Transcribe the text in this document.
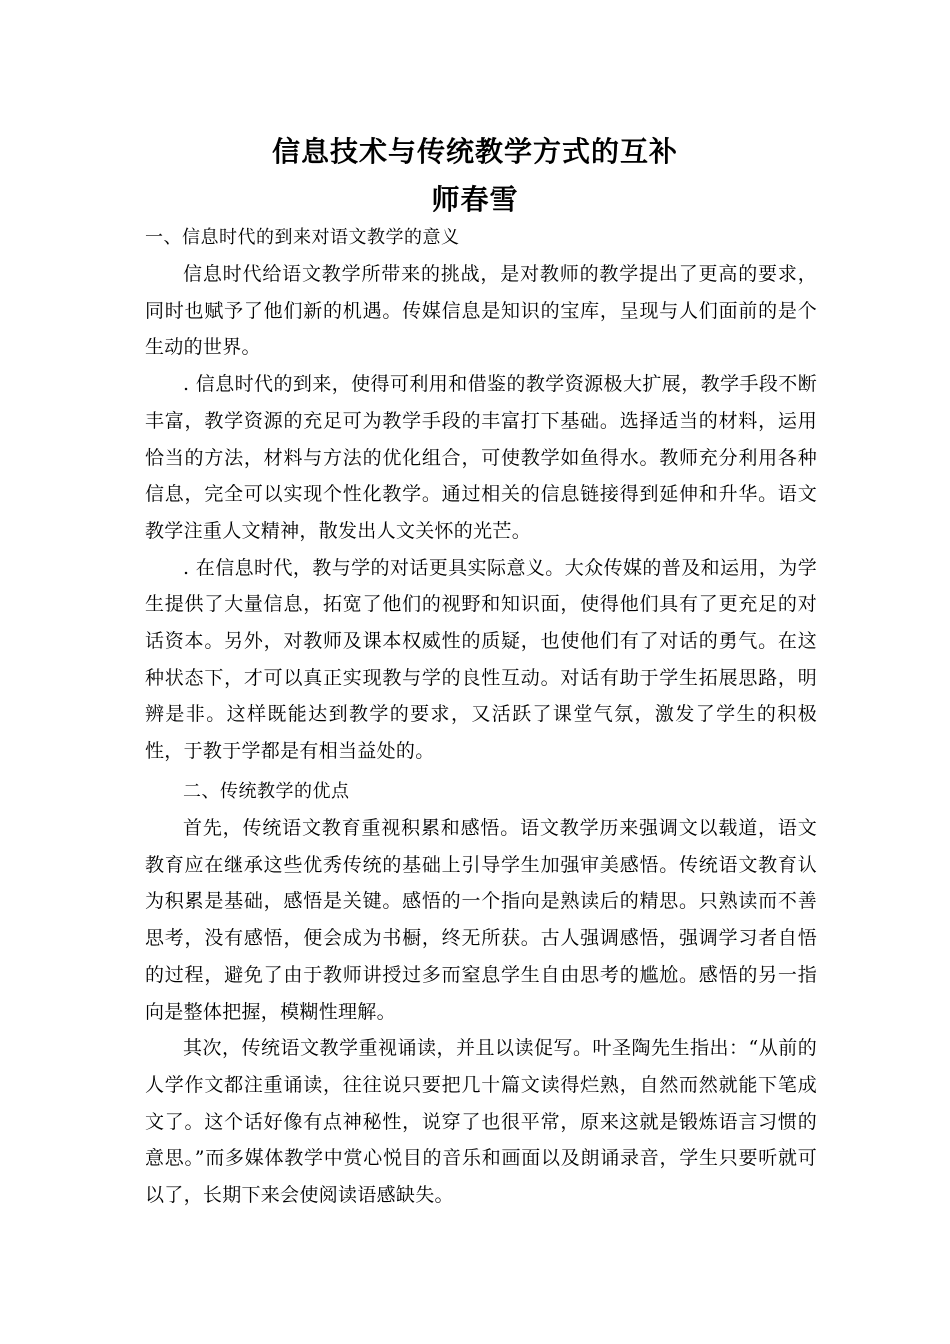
信息技术与传统教学方式的互补
师春雪
一、信息时代的到来对语文教学的意义

信息时代给语文教学所带来的挑战，是对教师的教学提出了更高的要求，同时也赋予了他们新的机遇。传媒信息是知识的宝库，呈现与人们面前的是个生动的世界。

. 信息时代的到来，使得可利用和借鉴的教学资源极大扩展，教学手段不断丰富，教学资源的充足可为教学手段的丰富打下基础。选择适当的材料，运用恰当的方法，材料与方法的优化组合，可使教学如鱼得水。教师充分利用各种信息，完全可以实现个性化教学。通过相关的信息链接得到延伸和升华。语文教学注重人文精神，散发出人文关怀的光芒。

. 在信息时代，教与学的对话更具实际意义。大众传媒的普及和运用，为学生提供了大量信息，拓宽了他们的视野和知识面，使得他们具有了更充足的对话资本。另外，对教师及课本权威性的质疑，也使他们有了对话的勇气。在这种状态下，才可以真正实现教与学的良性互动。对话有助于学生拓展思路，明辨是非。这样既能达到教学的要求，又活跃了课堂气氛，激发了学生的积极性，于教于学都是有相当益处的。

二、传统教学的优点

首先，传统语文教育重视积累和感悟。语文教学历来强调文以载道，语文教育应在继承这些优秀传统的基础上引导学生加强审美感悟。传统语文教育认为积累是基础，感悟是关键。感悟的一个指向是熟读后的精思。只熟读而不善思考，没有感悟，便会成为书橱，终无所获。古人强调感悟，强调学习者自悟的过程，避免了由于教师讲授过多而窒息学生自由思考的尴尬。感悟的另一指向是整体把握，模糊性理解。

其次，传统语文教学重视诵读，并且以读促写。叶圣陶先生指出：“从前的人学作文都注重诵读，往往说只要把几十篇文读得烂熟，自然而然就能下笔成文了。这个话好像有点神秘性，说穿了也很平常，原来这就是锻炼语言习惯的意思。”而多媒体教学中赏心悦目的音乐和画面以及朗诵录音，学生只要听就可以了，长期下来会使阅读语感缺失。
